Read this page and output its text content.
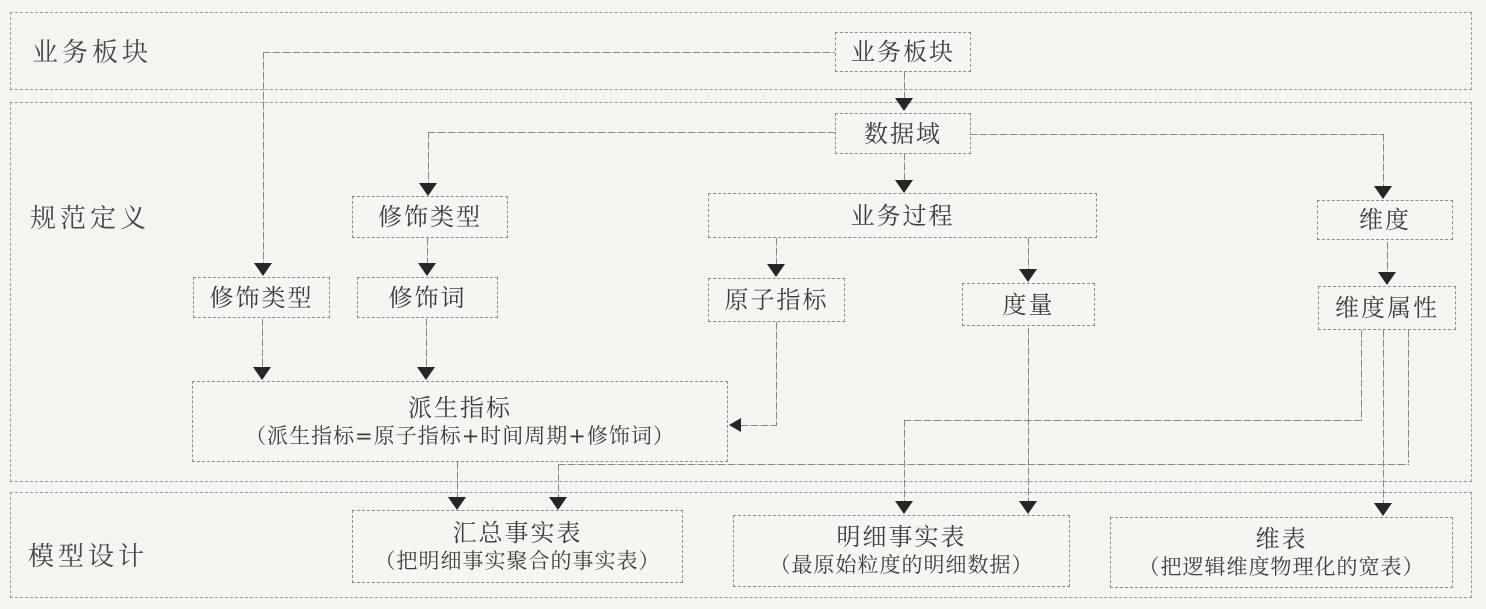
业务板块
规范定义
模型设计
业务板块
数据域
修饰类型
修饰类型	修饰词
业务过程
原子指标	度量
维度
维度属性
派生指标
（派生指标=原子指标+时间周期+修饰词）
汇总事实表
（把明细事实聚合的事实表）
明细事实表
（最原始粒度的明细数据）
维表
（把逻辑维度物理化的宽表）
